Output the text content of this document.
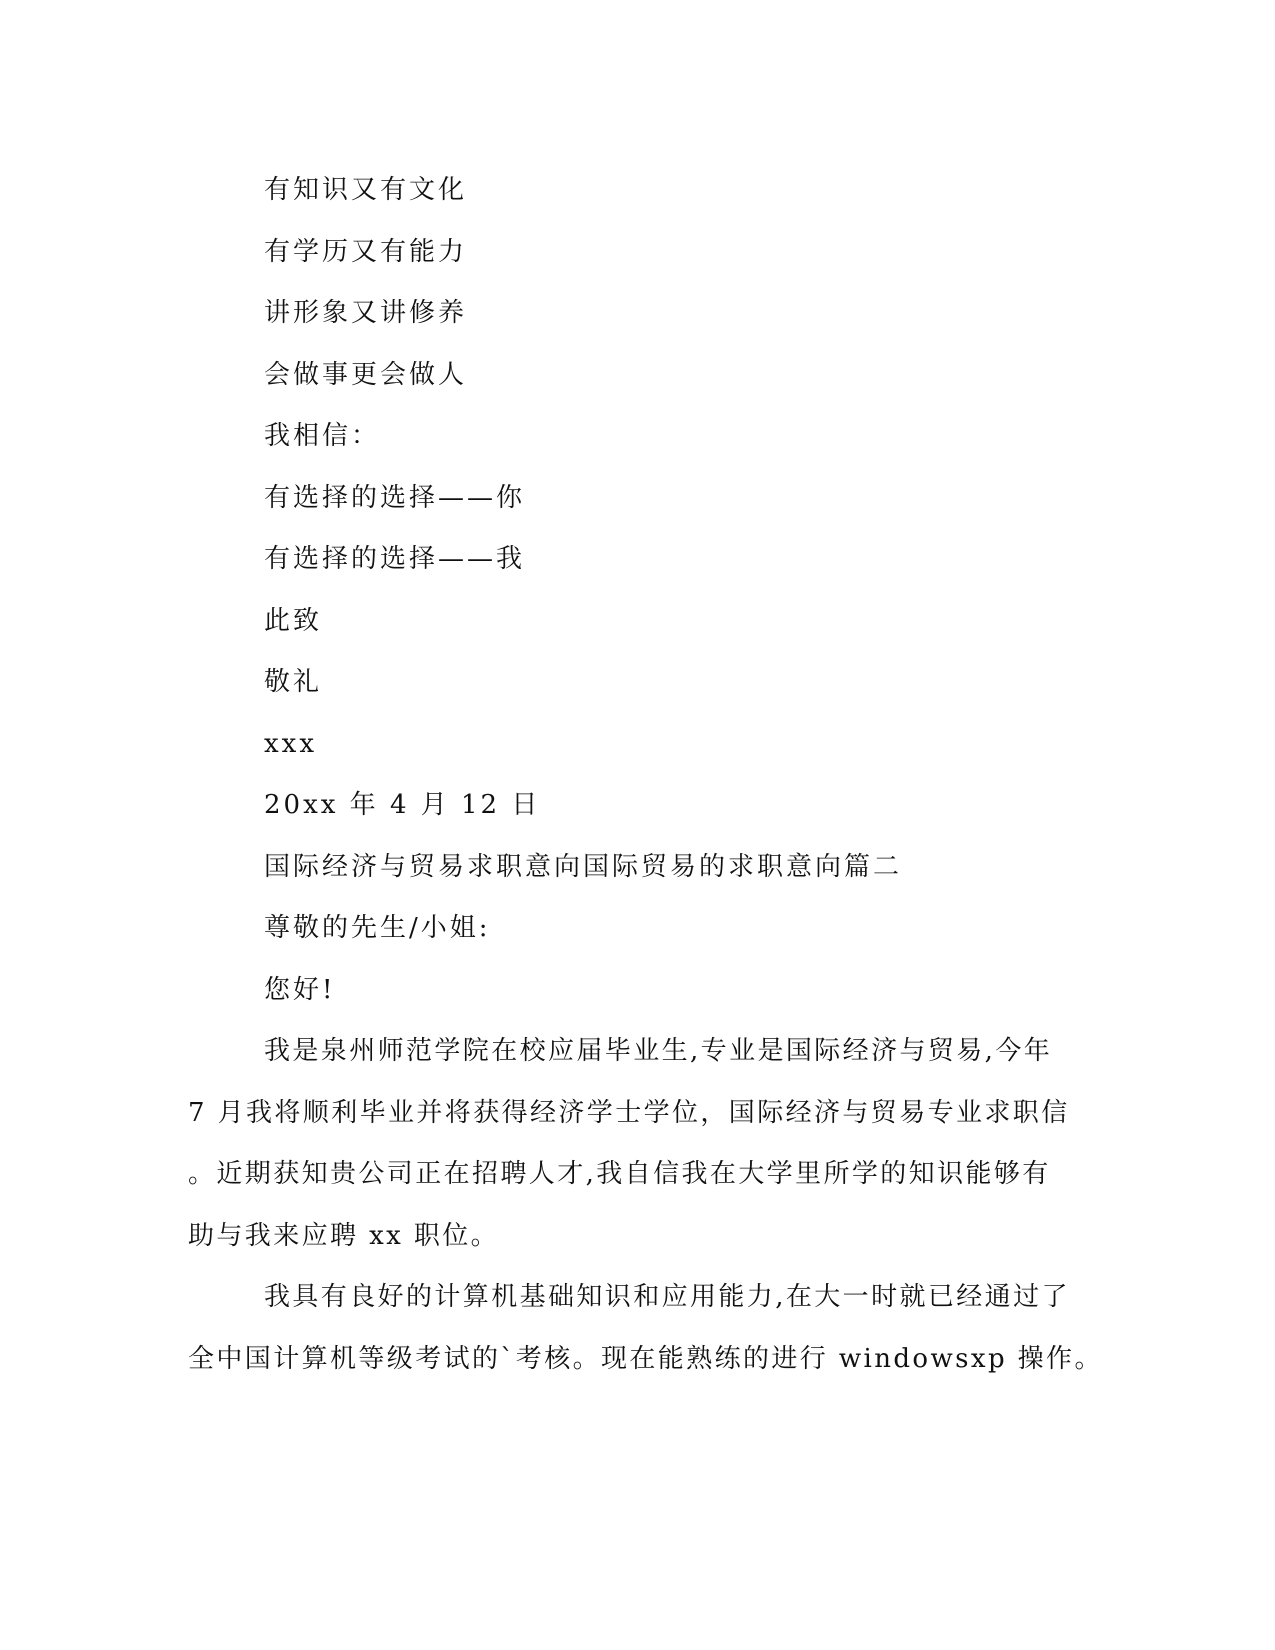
有知识又有文化
有学历又有能力
讲形象又讲修养
会做事更会做人
我相信：
有选择的选择——你
有选择的选择——我
此致
敬礼
xxx
20xx 年 4 月 12 日
国际经济与贸易求职意向国际贸易的求职意向篇二
尊敬的先生/小姐:
您好!
我是泉州师范学院在校应届毕业生,专业是国际经济与贸易,今年
7 月我将顺利毕业并将获得经济学士学位，国际经济与贸易专业求职信
。近期获知贵公司正在招聘人才,我自信我在大学里所学的知识能够有
助与我来应聘 xx 职位。
我具有良好的计算机基础知识和应用能力,在大一时就已经通过了
全中国计算机等级考试的`考核。现在能熟练的进行 windowsxp 操作。
